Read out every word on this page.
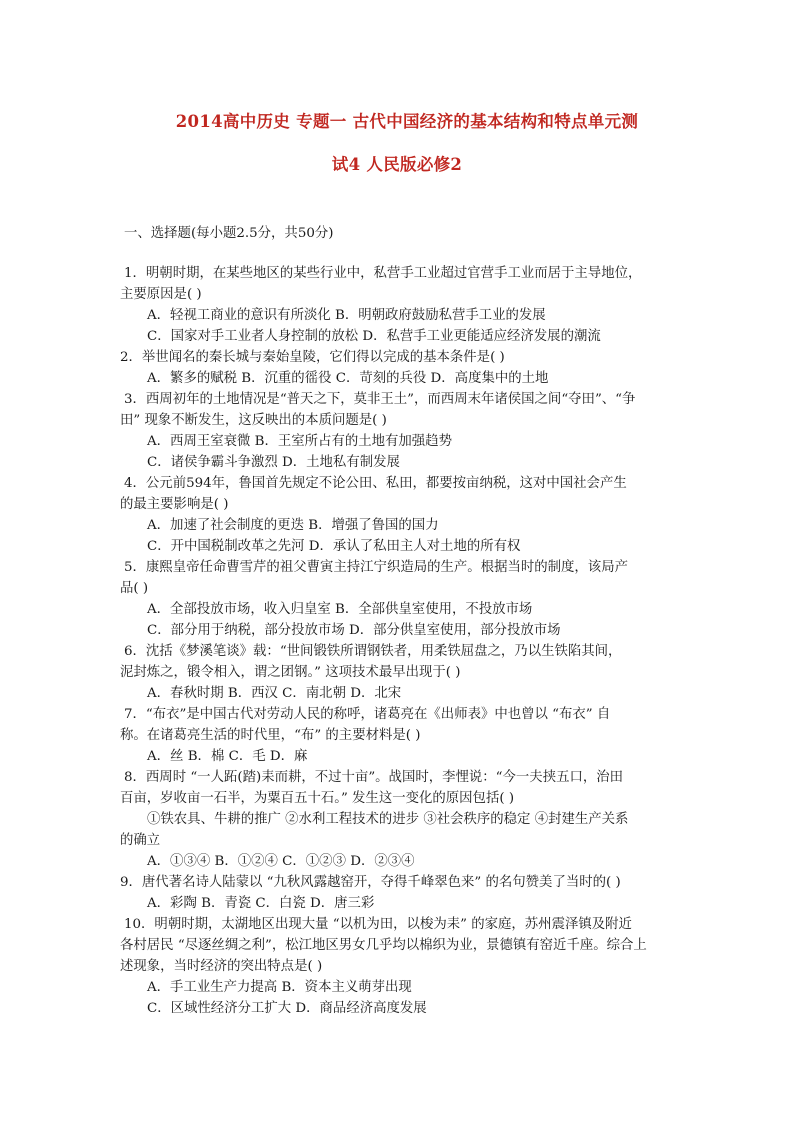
2014高中历史 专题一 古代中国经济的基本结构和特点单元测
试4 人民版必修2
一、选择题(每小题2.5分，共50分)
1．明朝时期，在某些地区的某些行业中，私营手工业超过官营手工业而居于主导地位，
主要原因是( )
A．轻视工商业的意识有所淡化 B．明朝政府鼓励私营手工业的发展
C．国家对手工业者人身控制的放松 D．私营手工业更能适应经济发展的潮流
2．举世闻名的秦长城与秦始皇陵，它们得以完成的基本条件是( )
A．繁多的赋税 B．沉重的徭役 C．苛刻的兵役 D．高度集中的土地
3．西周初年的土地情况是“普天之下，莫非王土”，而西周末年诸侯国之间“夺田”、“争
田” 现象不断发生，这反映出的本质问题是( )
A．西周王室衰微 B．王室所占有的土地有加强趋势
C．诸侯争霸斗争激烈 D．土地私有制发展
4．公元前594年，鲁国首先规定不论公田、私田，都要按亩纳税，这对中国社会产生
的最主要影响是( )
A．加速了社会制度的更迭 B．增强了鲁国的国力
C．开中国税制改革之先河 D．承认了私田主人对土地的所有权
5．康熙皇帝任命曹雪芹的祖父曹寅主持江宁织造局的生产。根据当时的制度，该局产
品( )
A．全部投放市场，收入归皇室 B．全部供皇室使用，不投放市场
C．部分用于纳税，部分投放市场 D．部分供皇室使用，部分投放市场
6．沈括《梦溪笔谈》载：“世间锻铁所谓钢铁者，用柔铁屈盘之，乃以生铁陷其间，
泥封炼之，锻令相入，谓之团钢。” 这项技术最早出现于( )
A．春秋时期 B．西汉 C．南北朝 D．北宋
7．“布衣”是中国古代对劳动人民的称呼，诸葛亮在《出师表》中也曾以 “布衣” 自
称。在诸葛亮生活的时代里，“布” 的主要材料是( )
A．丝 B．棉 C．毛 D．麻
8．西周时 “一人跖(踏)耒而耕，不过十亩”。战国时，李悝说：“今一夫挟五口，治田
百亩，岁收亩一石半，为粟百五十石。” 发生这一变化的原因包括( )
①铁农具、牛耕的推广 ②水利工程技术的进步 ③社会秩序的稳定 ④封建生产关系
的确立
A．①③④ B．①②④ C．①②③ D．②③④
9．唐代著名诗人陆蒙以 “九秋风露越窑开，夺得千峰翠色来” 的名句赞美了当时的( )
A．彩陶 B．青瓷 C．白瓷 D．唐三彩
10．明朝时期，太湖地区出现大量 “以机为田，以梭为耒” 的家庭，苏州震泽镇及附近
各村居民 “尽逐丝绸之利”，松江地区男女几乎均以棉织为业，景德镇有窑近千座。综合上
述现象，当时经济的突出特点是( )
A．手工业生产力提高 B．资本主义萌芽出现
C．区域性经济分工扩大 D．商品经济高度发展
